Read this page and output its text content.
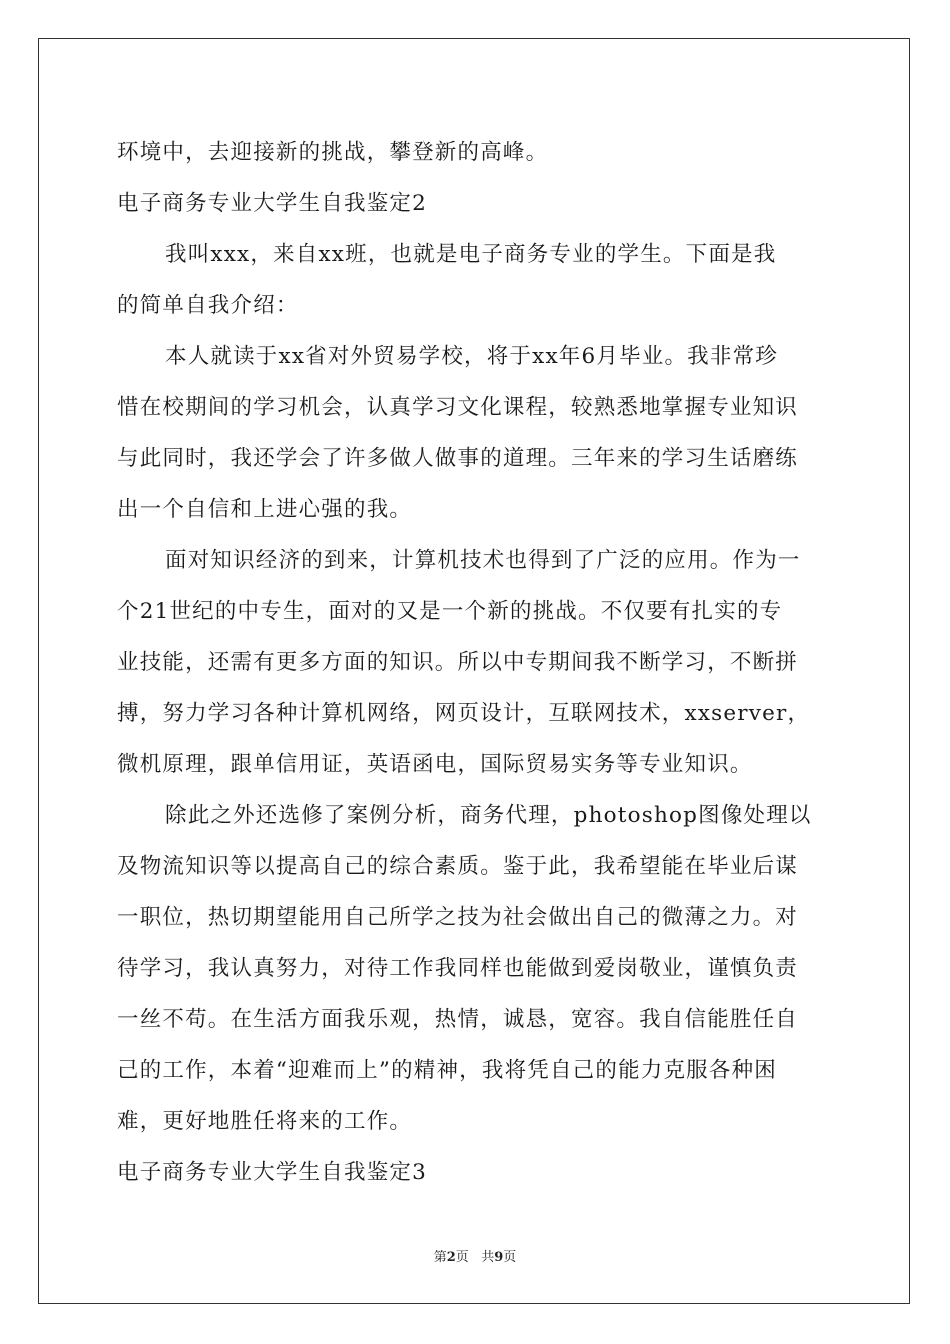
环境中，去迎接新的挑战，攀登新的高峰。
电子商务专业大学生自我鉴定2
我叫xxx，来自xx班，也就是电子商务专业的学生。下面是我
的简单自我介绍：
本人就读于xx省对外贸易学校，将于xx年6月毕业。我非常珍
惜在校期间的学习机会，认真学习文化课程，较熟悉地掌握专业知识
与此同时，我还学会了许多做人做事的道理。三年来的学习生话磨练
出一个自信和上进心强的我。
面对知识经济的到来，计算机技术也得到了广泛的应用。作为一
个21世纪的中专生，面对的又是一个新的挑战。不仅要有扎实的专
业技能，还需有更多方面的知识。所以中专期间我不断学习，不断拼
搏，努力学习各种计算机网络，网页设计，互联网技术，xxserver，
微机原理，跟单信用证，英语函电，国际贸易实务等专业知识。
除此之外还选修了案例分析，商务代理，photoshop图像处理以
及物流知识等以提高自己的综合素质。鉴于此，我希望能在毕业后谋
一职位，热切期望能用自己所学之技为社会做出自己的微薄之力。对
待学习，我认真努力，对待工作我同样也能做到爱岗敬业，谨慎负责
一丝不苟。在生活方面我乐观，热情，诚恳，宽容。我自信能胜任自
己的工作，本着“迎难而上”的精神，我将凭自己的能力克服各种困
难，更好地胜任将来的工作。
电子商务专业大学生自我鉴定3
第2页 共9页
